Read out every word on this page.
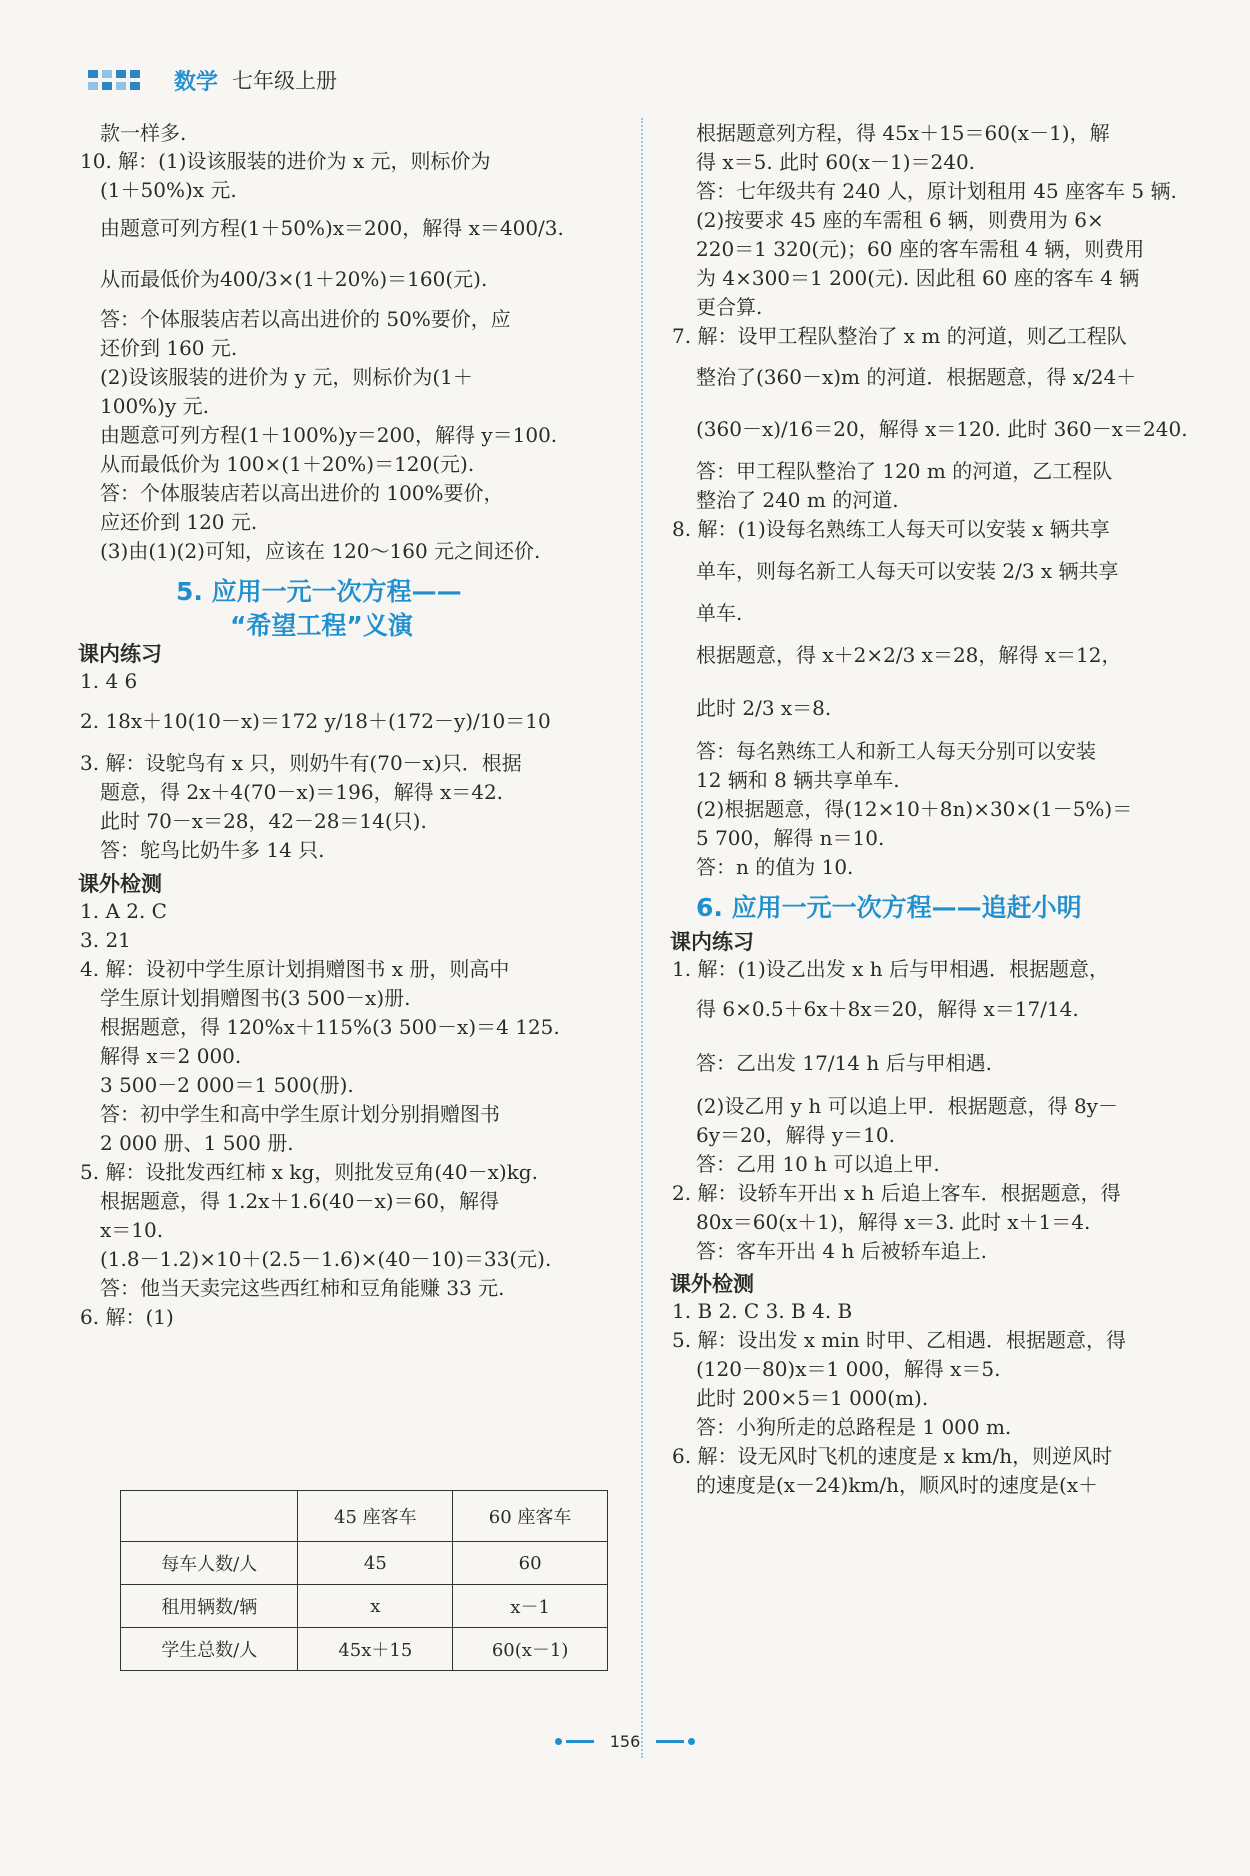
数学 七年级上册
款一样多.
10. 解：(1)设该服装的进价为 x 元，则标价为
(1＋50%)x 元.
由题意可列方程(1＋50%)x＝200，解得 x＝400/3.
从而最低价为400/3×(1＋20%)＝160(元).
答：个体服装店若以高出进价的 50%要价，应
还价到 160 元.
(2)设该服装的进价为 y 元，则标价为(1＋
100%)y 元.
由题意可列方程(1＋100%)y＝200，解得 y＝100.
从而最低价为 100×(1＋20%)＝120(元).
答：个体服装店若以高出进价的 100%要价，
应还价到 120 元.
(3)由(1)(2)可知，应该在 120～160 元之间还价.
5. 应用一元一次方程——
“希望工程”义演
课内练习
1. 4 6
2. 18x＋10(10－x)＝172 y/18＋(172－y)/10＝10
3. 解：设鸵鸟有 x 只，则奶牛有(70－x)只．根据
题意，得 2x＋4(70－x)＝196，解得 x＝42.
此时 70－x＝28，42－28＝14(只).
答：鸵鸟比奶牛多 14 只.
课外检测
1. A 2. C
3. 21
4. 解：设初中学生原计划捐赠图书 x 册，则高中
学生原计划捐赠图书(3 500－x)册.
根据题意，得 120%x＋115%(3 500－x)＝4 125.
解得 x＝2 000.
3 500－2 000＝1 500(册).
答：初中学生和高中学生原计划分别捐赠图书
2 000 册、1 500 册.
5. 解：设批发西红柿 x kg，则批发豆角(40－x)kg.
根据题意，得 1.2x＋1.6(40－x)＝60，解得
x＝10.
(1.8－1.2)×10＋(2.5－1.6)×(40－10)＝33(元).
答：他当天卖完这些西红柿和豆角能赚 33 元.
6. 解：(1)
	45 座客车	60 座客车
每车人数/人	45	60
租用辆数/辆	x	x－1
学生总数/人	45x＋15	60(x－1)
根据题意列方程，得 45x＋15＝60(x－1)，解
得 x＝5. 此时 60(x－1)＝240.
答：七年级共有 240 人，原计划租用 45 座客车 5 辆.
(2)按要求 45 座的车需租 6 辆，则费用为 6×
220＝1 320(元)；60 座的客车需租 4 辆，则费用
为 4×300＝1 200(元). 因此租 60 座的客车 4 辆
更合算.
7. 解：设甲工程队整治了 x m 的河道，则乙工程队
整治了(360－x)m 的河道．根据题意，得 x/24＋
(360－x)/16＝20，解得 x＝120. 此时 360－x＝240.
答：甲工程队整治了 120 m 的河道，乙工程队
整治了 240 m 的河道.
8. 解：(1)设每名熟练工人每天可以安装 x 辆共享
单车，则每名新工人每天可以安装 2/3 x 辆共享
单车.
根据题意，得 x＋2×2/3 x＝28，解得 x＝12，
此时 2/3 x＝8.
答：每名熟练工人和新工人每天分别可以安装
12 辆和 8 辆共享单车.
(2)根据题意，得(12×10＋8n)×30×(1－5%)＝
5 700，解得 n＝10.
答：n 的值为 10.
6. 应用一元一次方程——追赶小明
课内练习
1. 解：(1)设乙出发 x h 后与甲相遇．根据题意，
得 6×0.5＋6x＋8x＝20，解得 x＝17/14.
答：乙出发 17/14 h 后与甲相遇.
(2)设乙用 y h 可以追上甲．根据题意，得 8y－
6y＝20，解得 y＝10.
答：乙用 10 h 可以追上甲.
2. 解：设轿车开出 x h 后追上客车．根据题意，得
80x＝60(x＋1)，解得 x＝3. 此时 x＋1＝4.
答：客车开出 4 h 后被轿车追上.
课外检测
1. B 2. C 3. B 4. B
5. 解：设出发 x min 时甲、乙相遇．根据题意，得
(120－80)x＝1 000，解得 x＝5.
此时 200×5＝1 000(m).
答：小狗所走的总路程是 1 000 m.
6. 解：设无风时飞机的速度是 x km/h，则逆风时
的速度是(x－24)km/h，顺风时的速度是(x＋
156
